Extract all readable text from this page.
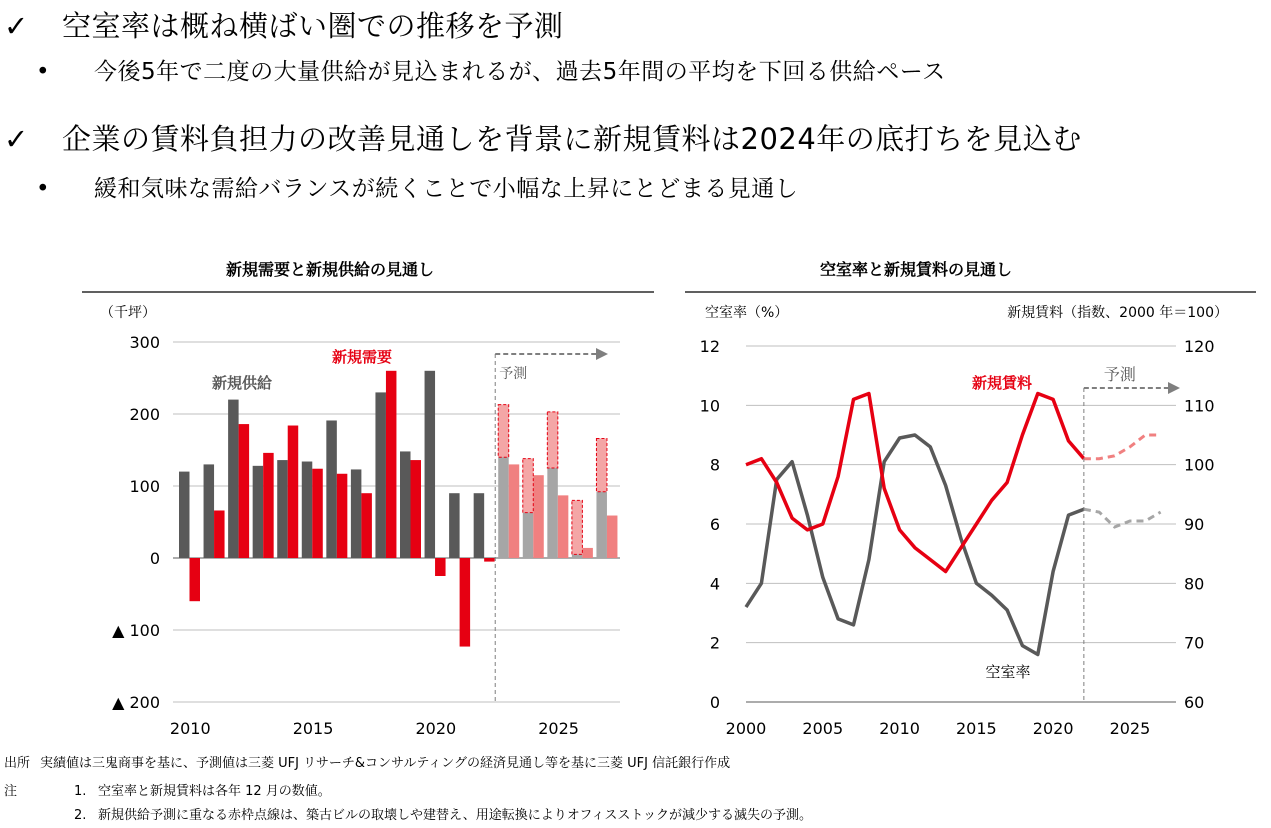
✓ 空室率は概ね横ばい圏での推移を予測
• 今後5年で二度の大量供給が見込まれるが、過去5年間の平均を下回る供給ペース
✓ 企業の賃料負担力の改善見通しを背景に新規賃料は2024年の底打ちを見込む
• 緩和気味な需給バランスが続くことで小幅な上昇にとどまる見通し
新規需要と新規供給の見通し
（千坪）
300
200
100
0
▲ 100
▲ 200
2010	2015	2020	2025
予測
新規供給
新規需要
空室率と新規賃料の見通し
空室率（%）	新規賃料（指数、2000 年＝100）
0
2
4
6
8
10
12
60
70
80
90
100
110
120
2000 2005 2010 2015 2020 2025
予測
新規賃料
空室率
出所 実績値は三鬼商事を基に、予測値は三菱 UFJ リサーチ&コンサルティングの経済見通し等を基に三菱 UFJ 信託銀行作成
注	1. 空室率と新規賃料は各年 12 月の数値。
2. 新規供給予測に重なる赤枠点線は、築古ビルの取壊しや建替え、用途転換によりオフィスストックが減少する滅失の予測。
